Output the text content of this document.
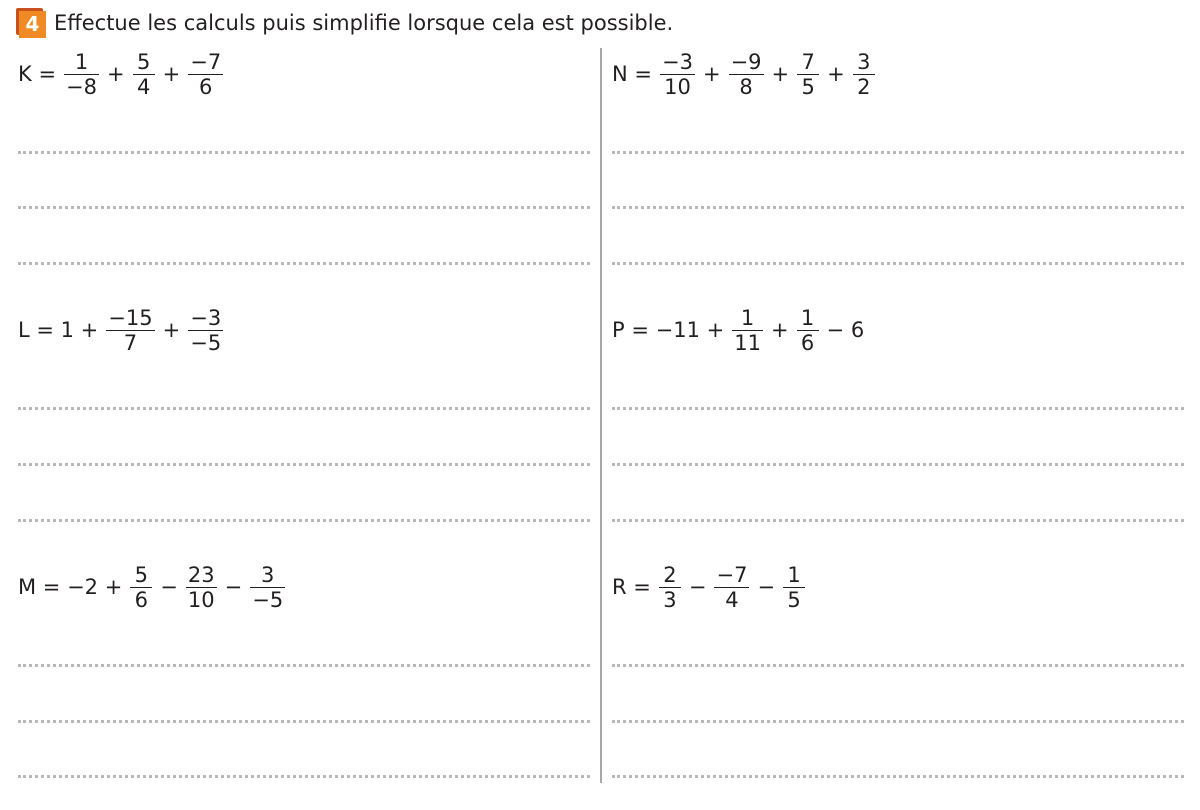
4 Effectue les calculs puis simplifie lorsque cela est possible.
$K = \frac{1}{-8} + \frac{5}{4} + \frac{-7}{6}$	$N = \frac{-3}{10} + \frac{-9}{8} + \frac{7}{5} + \frac{3}{2}$
$L = 1 + \frac{-15}{7} + \frac{-3}{-5}$	$P = -11 + \frac{1}{11} + \frac{1}{6} - 6$
$M = -2 + \frac{5}{6} - \frac{23}{10} - \frac{3}{-5}$	$R = \frac{2}{3} - \frac{-7}{4} - \frac{1}{5}$
